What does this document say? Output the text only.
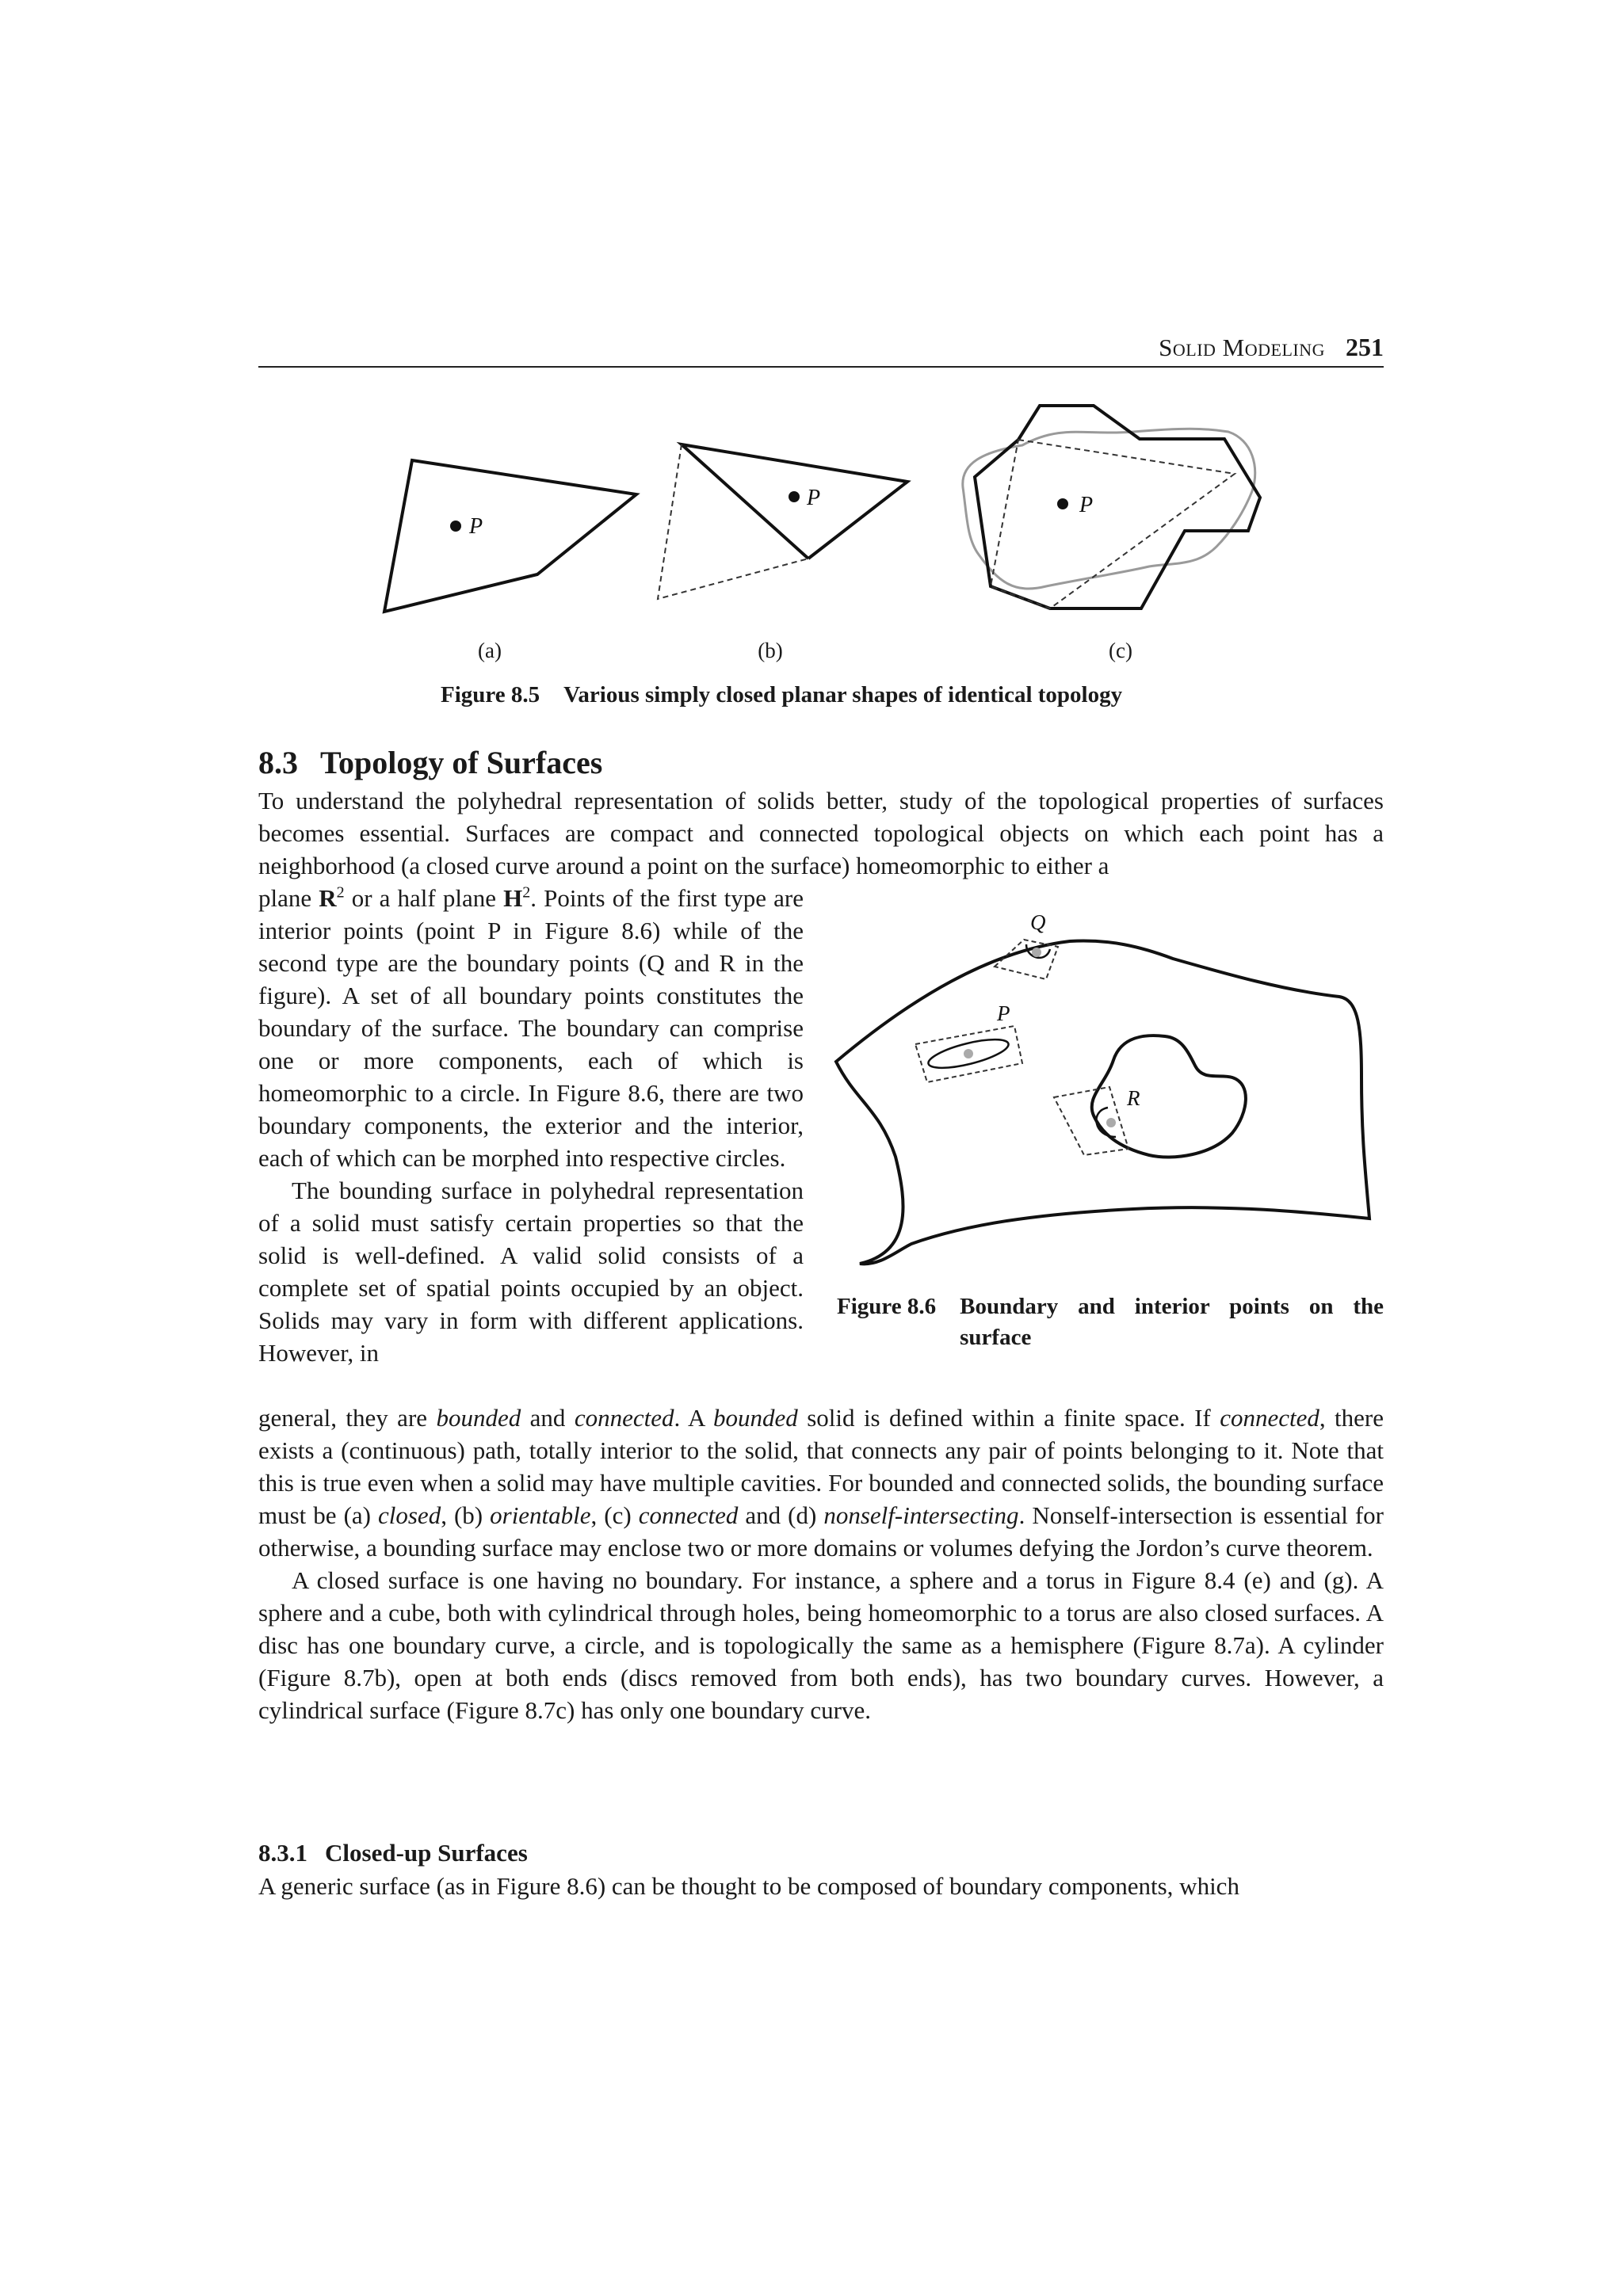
Solid Modeling 251
P
P	P
(a)	(b)	(c)
Figure 8.5 Various simply closed planar shapes of identical topology
8.3 Topology of Surfaces

To understand the polyhedral representation of solids better, study of the topological properties of surfaces becomes essential. Surfaces are compact and connected topological objects on which each point has a neighborhood (a closed curve around a point on the surface) homeomorphic to either a

plane $R^2$ or a half plane $H^2$. Points of the first type are interior points (point P in Figure 8.6) while of the second type are the boundary points (Q and R in the figure). A set of all boundary points constitutes the boundary of the surface. The boundary can comprise one or more components, each of which is homeomorphic to a circle. In Figure 8.6, there are two boundary components, the exterior and the interior, each of which can be morphed into respective circles.

The bounding surface in polyhedral representation of a solid must satisfy certain properties so that the solid is well-defined. A valid solid consists of a complete set of spatial points occupied by an object. Solids may vary in form with different applications. However, in

Q
P
R
Figure 8.6 Boundary and interior points on the surface

general, they are bounded and connected. A bounded solid is defined within a finite space. If connected, there exists a (continuous) path, totally interior to the solid, that connects any pair of points belonging to it. Note that this is true even when a solid may have multiple cavities. For bounded and connected solids, the bounding surface must be (a) closed, (b) orientable, (c) connected and (d) nonself-intersecting. Nonself-intersection is essential for otherwise, a bounding surface may enclose two or more domains or volumes defying the Jordon’s curve theorem.

A closed surface is one having no boundary. For instance, a sphere and a torus in Figure 8.4 (e) and (g). A sphere and a cube, both with cylindrical through holes, being homeomorphic to a torus are also closed surfaces. A disc has one boundary curve, a circle, and is topologically the same as a hemisphere (Figure 8.7a). A cylinder (Figure 8.7b), open at both ends (discs removed from both ends), has two boundary curves. However, a cylindrical surface (Figure 8.7c) has only one boundary curve.

8.3.1 Closed-up Surfaces

A generic surface (as in Figure 8.6) can be thought to be composed of boundary components, which
